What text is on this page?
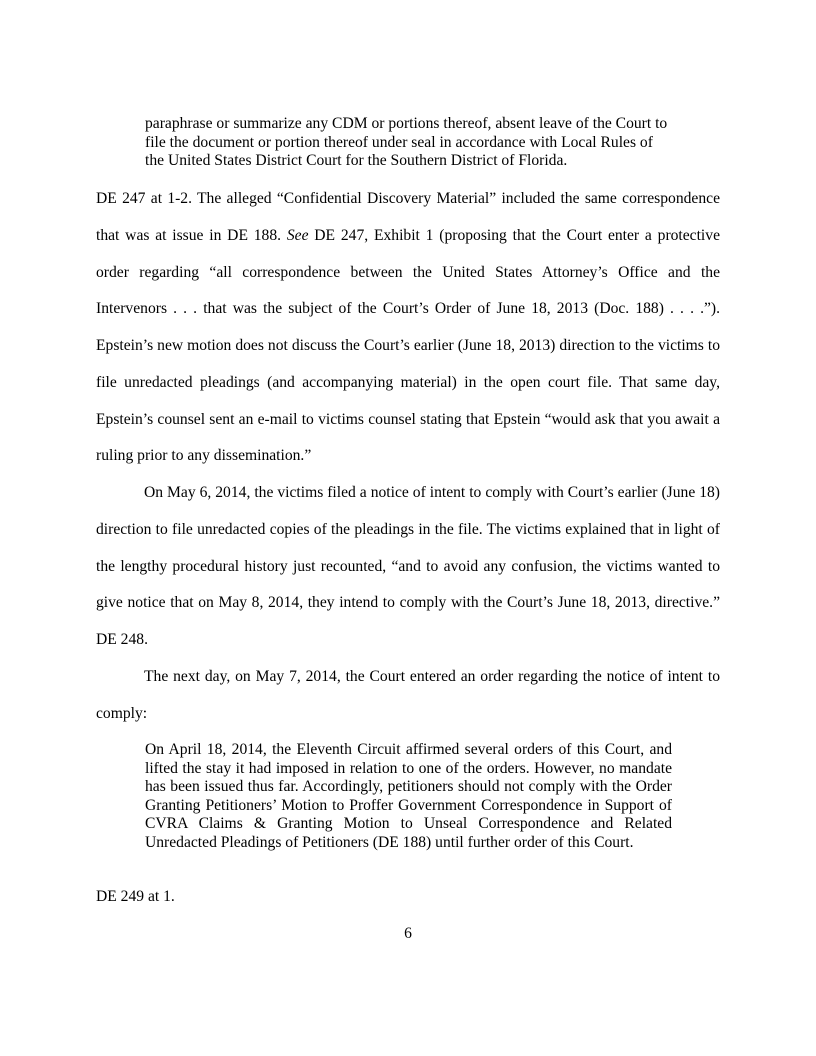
paraphrase or summarize any CDM or portions thereof, absent leave of the Court to file the document or portion thereof under seal in accordance with Local Rules of the United States District Court for the Southern District of Florida.

DE 247 at 1-2. The alleged “Confidential Discovery Material” included the same correspondence that was at issue in DE 188. See DE 247, Exhibit 1 (proposing that the Court enter a protective order regarding “all correspondence between the United States Attorney’s Office and the Intervenors . . . that was the subject of the Court’s Order of June 18, 2013 (Doc. 188) . . . .”). Epstein’s new motion does not discuss the Court’s earlier (June 18, 2013) direction to the victims to file unredacted pleadings (and accompanying material) in the open court file. That same day, Epstein’s counsel sent an e-mail to victims counsel stating that Epstein “would ask that you await a ruling prior to any dissemination.”

On May 6, 2014, the victims filed a notice of intent to comply with Court’s earlier (June 18) direction to file unredacted copies of the pleadings in the file. The victims explained that in light of the lengthy procedural history just recounted, “and to avoid any confusion, the victims wanted to give notice that on May 8, 2014, they intend to comply with the Court’s June 18, 2013, directive.” DE 248.

The next day, on May 7, 2014, the Court entered an order regarding the notice of intent to comply:

On April 18, 2014, the Eleventh Circuit affirmed several orders of this Court, and lifted the stay it had imposed in relation to one of the orders. However, no mandate has been issued thus far. Accordingly, petitioners should not comply with the Order Granting Petitioners’ Motion to Proffer Government Correspondence in Support of CVRA Claims & Granting Motion to Unseal Correspondence and Related Unredacted Pleadings of Petitioners (DE 188) until further order of this Court.

DE 249 at 1.

6
